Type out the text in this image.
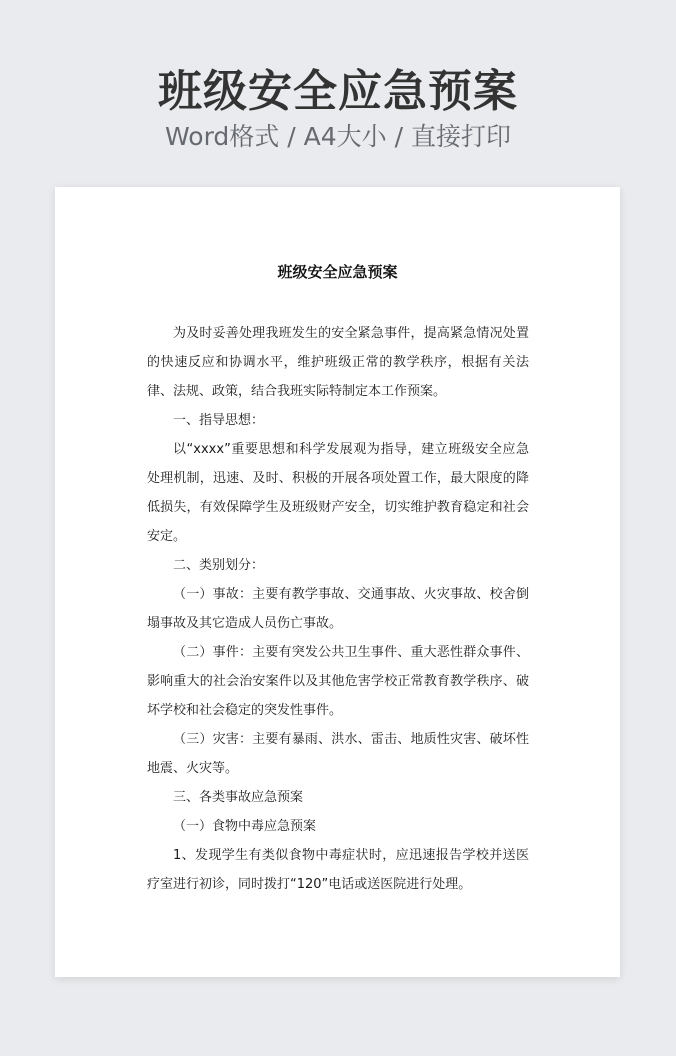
班级安全应急预案
Word格式 / A4大小 / 直接打印
班级安全应急预案

为及时妥善处理我班发生的安全紧急事件，提高紧急情况处置的快速反应和协调水平，维护班级正常的教学秩序，根据有关法律、法规、政策，结合我班实际特制定本工作预案。

一、指导思想：

以“xxxx”重要思想和科学发展观为指导，建立班级安全应急处理机制，迅速、及时、积极的开展各项处置工作，最大限度的降低损失，有效保障学生及班级财产安全，切实维护教育稳定和社会安定。

二、类别划分：

（一）事故：主要有教学事故、交通事故、火灾事故、校舍倒塌事故及其它造成人员伤亡事故。

（二）事件：主要有突发公共卫生事件、重大恶性群众事件、影响重大的社会治安案件以及其他危害学校正常教育教学秩序、破坏学校和社会稳定的突发性事件。

（三）灾害：主要有暴雨、洪水、雷击、地质性灾害、破坏性地震、火灾等。

三、各类事故应急预案

（一）食物中毒应急预案

1、发现学生有类似食物中毒症状时，应迅速报告学校并送医疗室进行初诊，同时拨打“120”电话或送医院进行处理。
